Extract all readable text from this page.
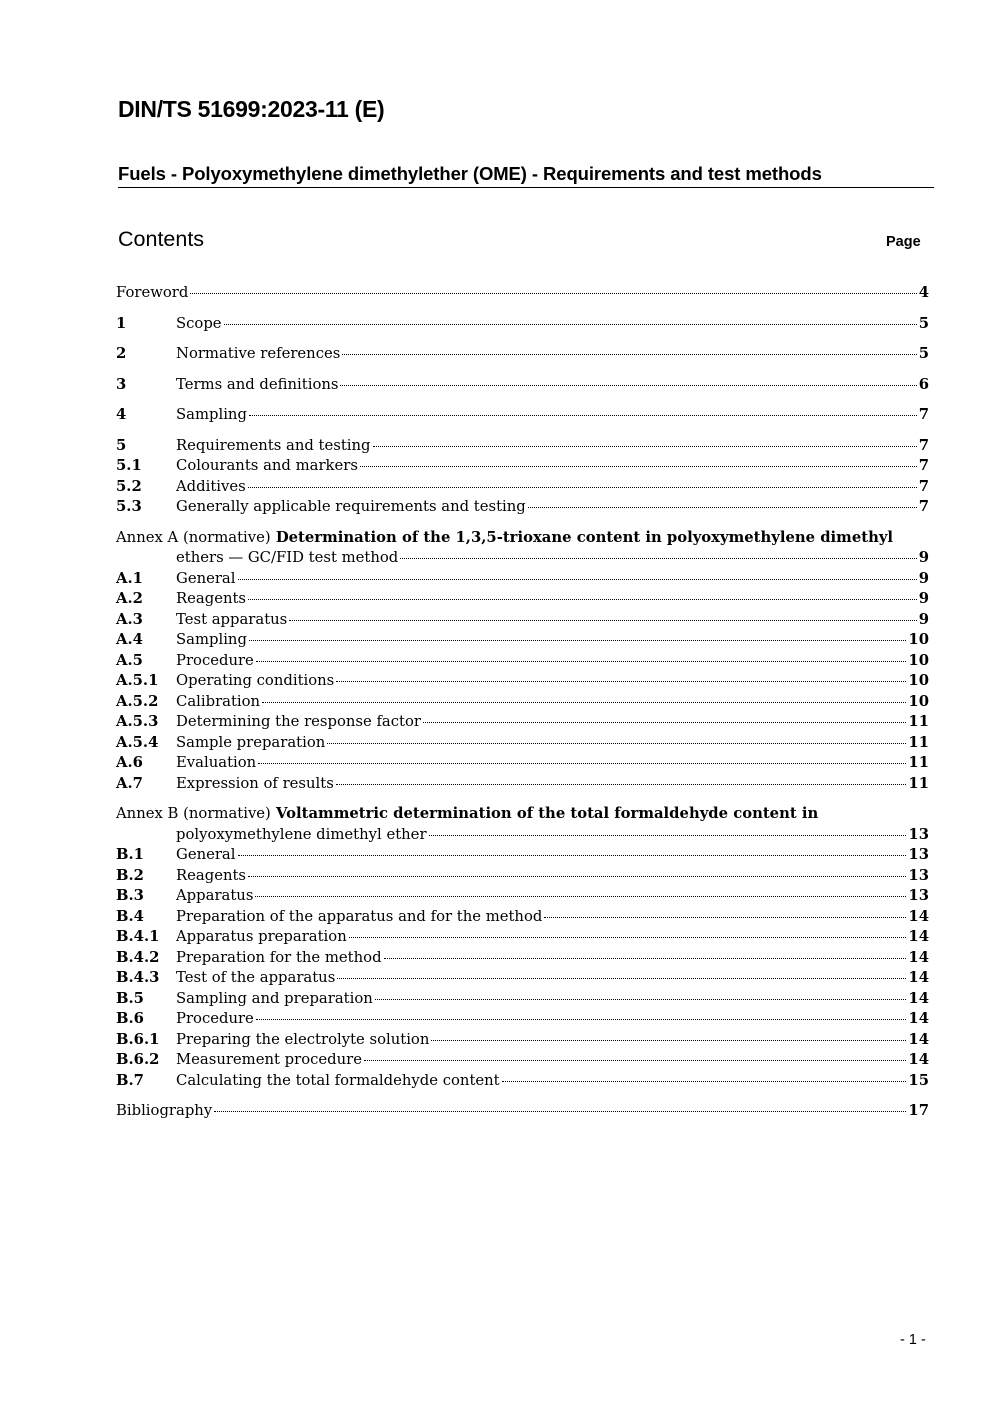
DIN/TS 51699:2023-11 (E)
Fuels - Polyoxymethylene dimethylether (OME) - Requirements and test methods
Contents	Page
Foreword	4
1	Scope	5
2	Normative references	5
3	Terms and definitions	6
4	Sampling	7
5	Requirements and testing	7
5.1 Colourants and markers	7
5.2 Additives	7
5.3 Generally applicable requirements and testing	7
Annex A (normative) Determination of the 1,3,5-trioxane content in polyoxymethylene dimethyl
ethers — GC/FID test method	9
A.1 General	9
A.2 Reagents	9
A.3 Test apparatus	9
A.4 Sampling	10
A.5 Procedure	10
A.5.1 Operating conditions	10
A.5.2 Calibration	10
A.5.3 Determining the response factor	11
A.5.4 Sample preparation	11
A.6 Evaluation	11
A.7 Expression of results	11
Annex B (normative) Voltammetric determination of the total formaldehyde content in
polyoxymethylene dimethyl ether	13
B.1 General	13
B.2 Reagents	13
B.3 Apparatus	13
B.4 Preparation of the apparatus and for the method	14
B.4.1 Apparatus preparation	14
B.4.2 Preparation for the method	14
B.4.3 Test of the apparatus	14
B.5 Sampling and preparation	14
B.6 Procedure	14
B.6.1 Preparing the electrolyte solution	14
B.6.2 Measurement procedure	14
B.7 Calculating the total formaldehyde content	15
Bibliography	17
- 1 -
